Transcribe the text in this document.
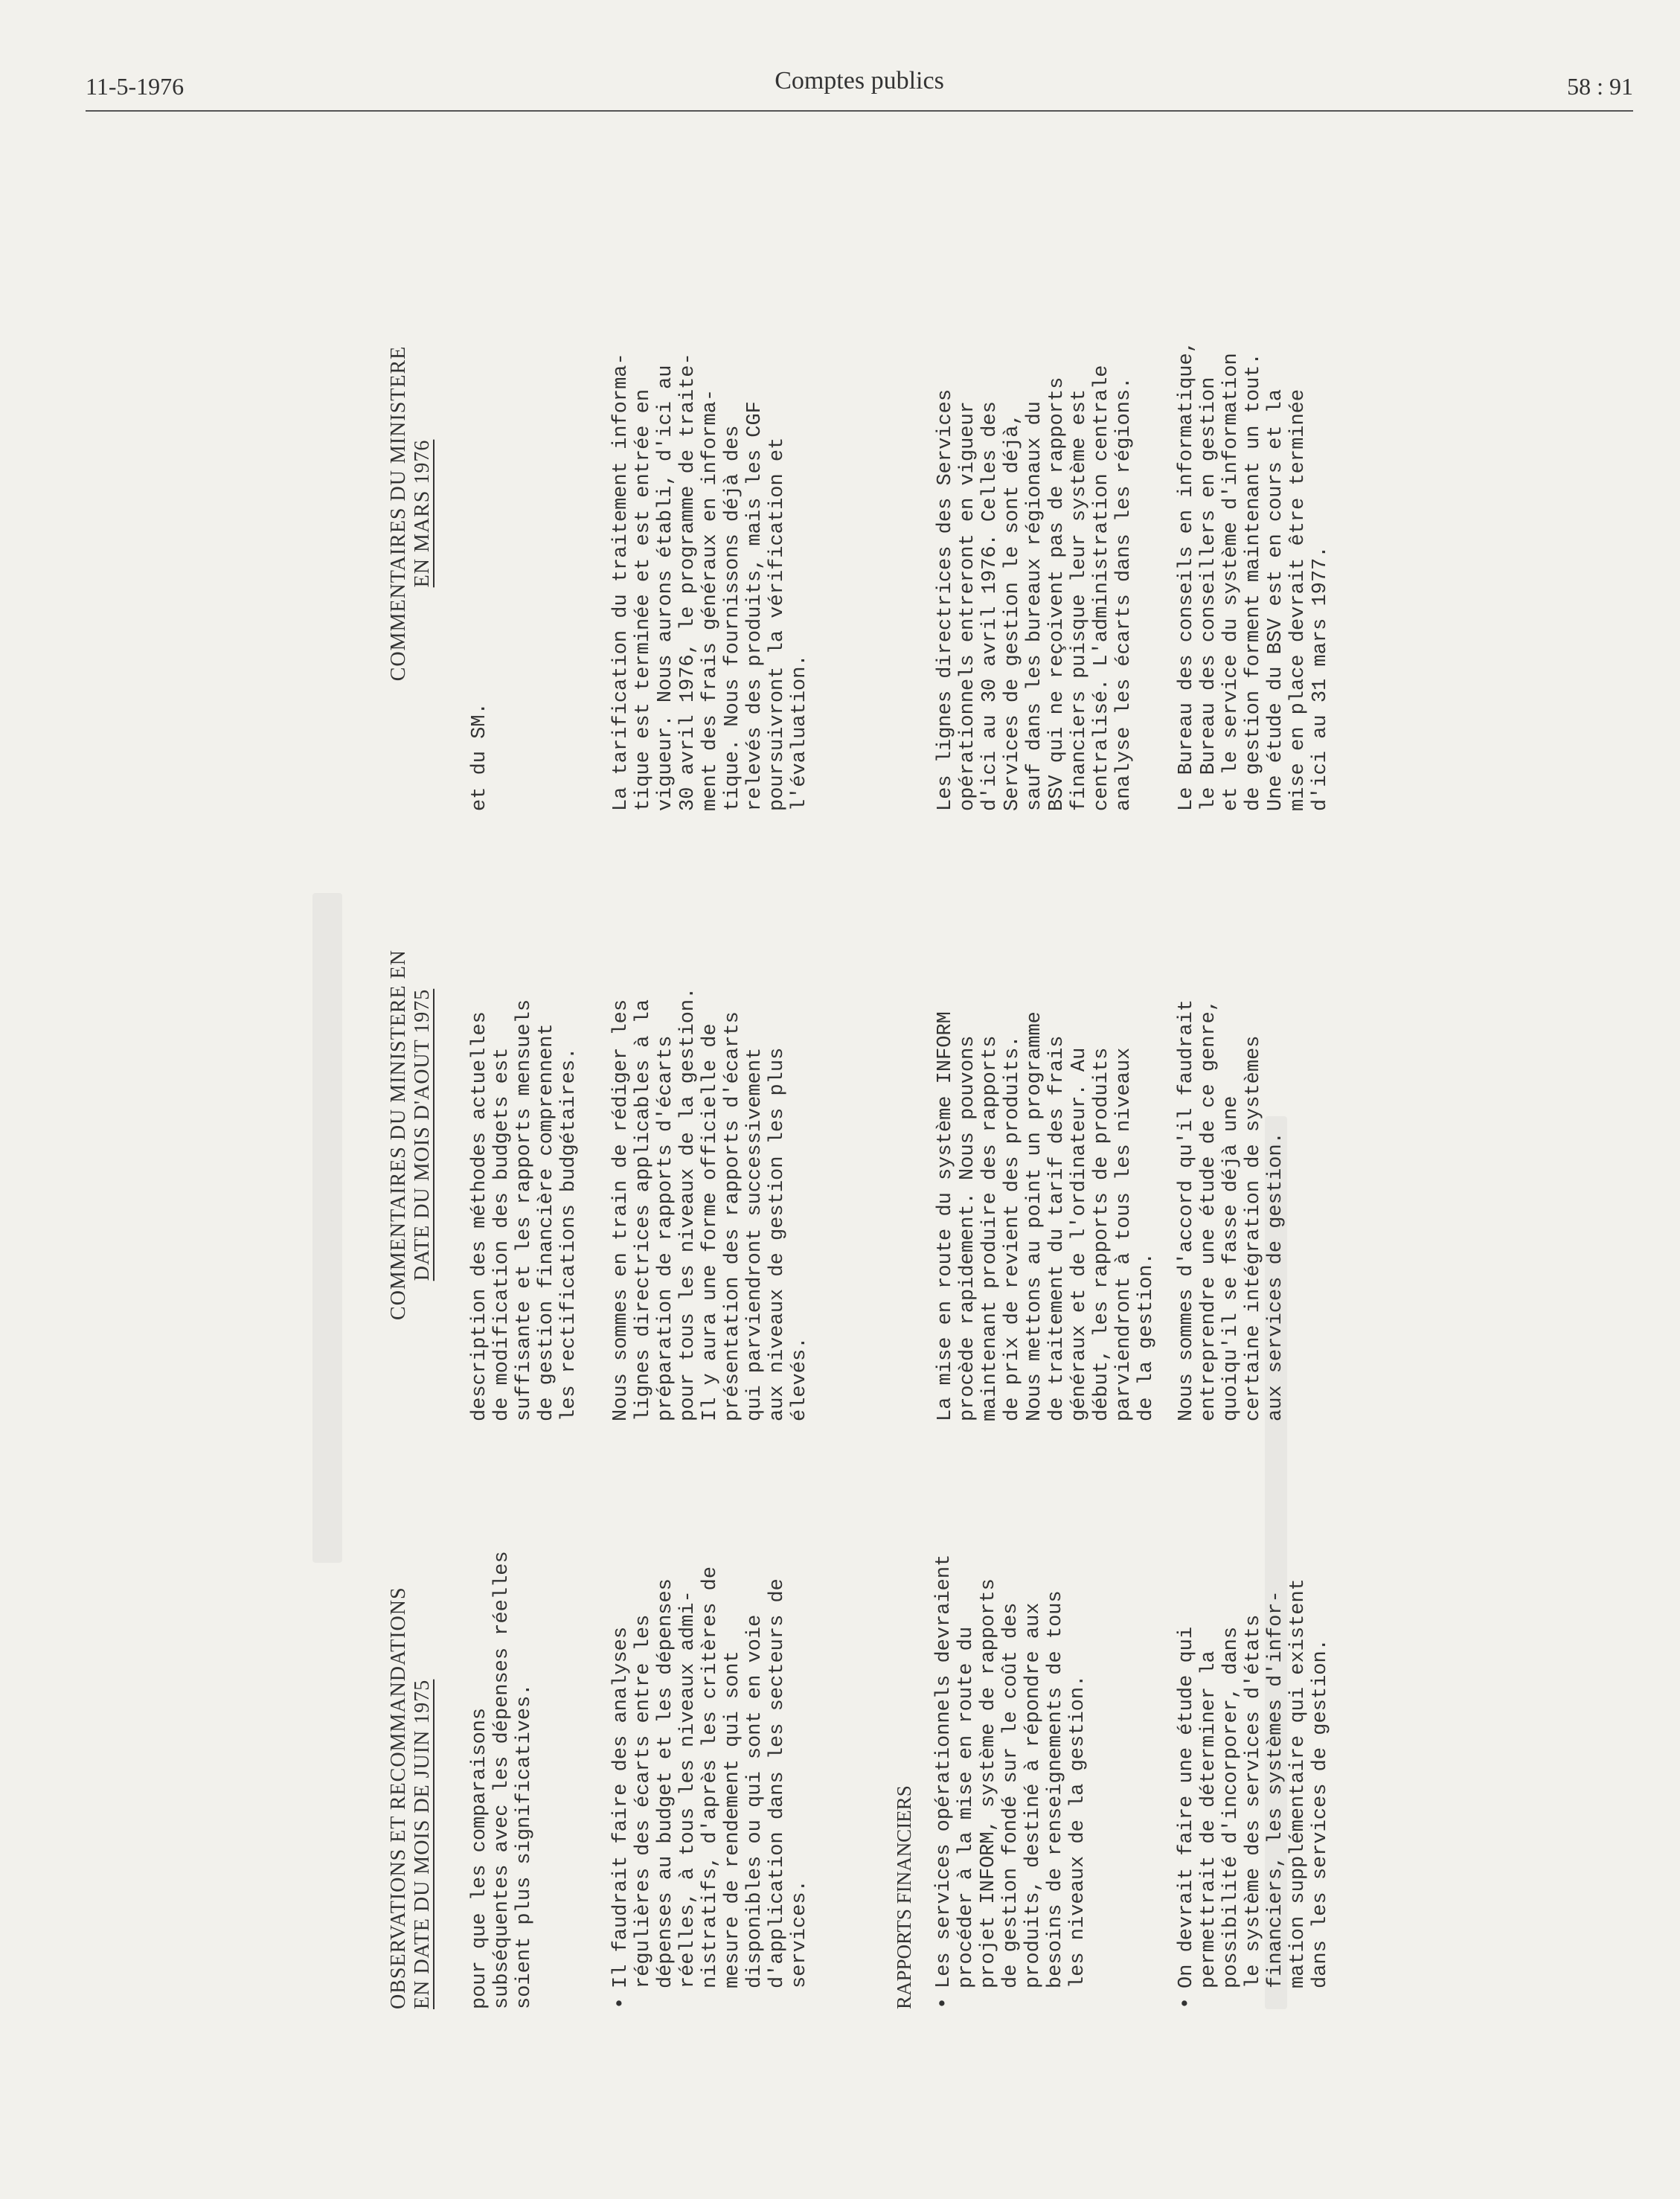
11-5-1976	Comptes publics	58 : 91
OBSERVATIONS ET RECOMMANDATIONS EN DATE DU MOIS DE JUIN 1975
COMMENTAIRES DU MINISTERE EN DATE DU MOIS D'AOUT 1975
COMMENTAIRES DU MINISTERE EN MARS 1976

pour que les comparaisons
subséquentes avec les dépenses réelles
soient plus significatives.

description des méthodes actuelles
de modification des budgets est
suffisante et les rapports mensuels
de gestion financière comprennent
les rectifications budgétaires.

et du SM.

• Il faudrait faire des analyses
régulières des écarts entre les
dépenses au budget et les dépenses
réelles, à tous les niveaux admi-
nistratifs, d'après les critères de
mesure de rendement qui sont
disponibles ou qui sont en voie
d'application dans les secteurs de
services.

Nous sommes en train de rédiger les
lignes directrices applicables à la
préparation de rapports d'écarts
pour tous les niveaux de la gestion.
Il y aura une forme officielle de
présentation des rapports d'écarts
qui parviendront successivement
aux niveaux de gestion les plus
élevés.

La tarification du traitement informa-
tique est terminée et est entrée en
vigueur. Nous aurons établi, d'ici au
30 avril 1976, le programme de traite-
ment des frais généraux en informa-
tique. Nous fournissons déjà des
relevés des produits, mais les CGF
poursuivront la vérification et
l'évaluation.

RAPPORTS FINANCIERS

• Les services opérationnels devraient
procéder à la mise en route du
projet INFORM, système de rapports
de gestion fondé sur le coût des
produits, destiné à répondre aux
besoins de renseignements de tous
les niveaux de la gestion.

La mise en route du système INFORM
procède rapidement. Nous pouvons
maintenant produire des rapports
de prix de revient des produits.
Nous mettons au point un programme
de traitement du tarif des frais
généraux et de l'ordinateur. Au
début, les rapports de produits
parviendront à tous les niveaux
de la gestion.

Les lignes directrices des Services
opérationnels entreront en vigueur
d'ici au 30 avril 1976. Celles des
Services de gestion le sont déjà,
sauf dans les bureaux régionaux du
BSV qui ne reçoivent pas de rapports
financiers puisque leur système est
centralisé. L'administration centrale
analyse les écarts dans les régions.

• On devrait faire une étude qui
permettrait de déterminer la
possibilité d'incorporer, dans
le système des services d'états
financiers, les systèmes d'infor-
mation supplémentaire qui existent
dans les services de gestion.

Nous sommes d'accord qu'il faudrait
entreprendre une étude de ce genre,
quoiqu'il se fasse déjà une
certaine intégration de systèmes
aux services de gestion.

Le Bureau des conseils en informatique,
le Bureau des conseillers en gestion
et le service du système d'information
de gestion forment maintenant un tout.
Une étude du BSV est en cours et la
mise en place devrait être terminée
d'ici au 31 mars 1977.
